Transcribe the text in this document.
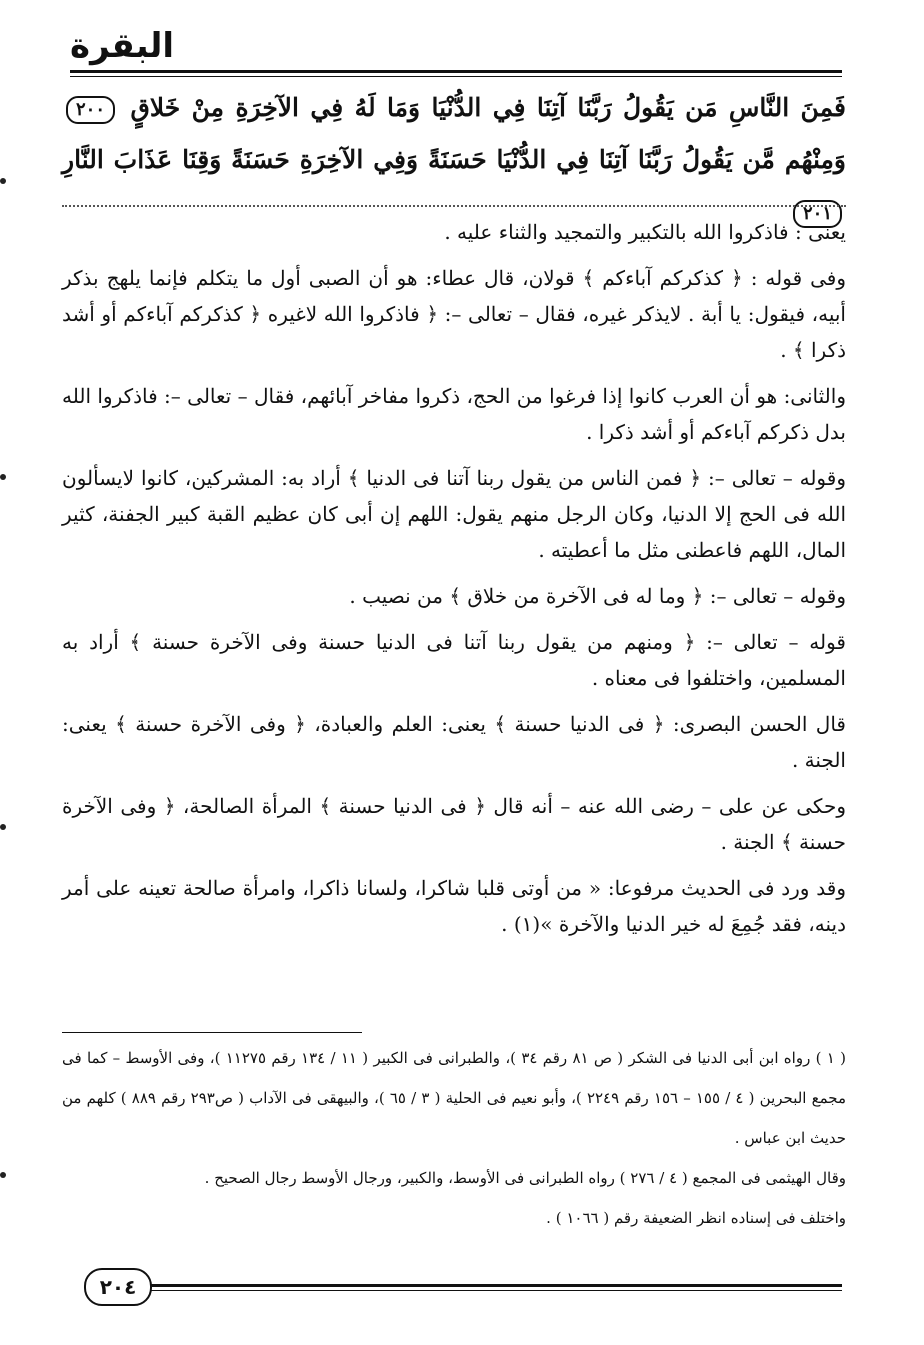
البقرة
فَمِنَ النَّاسِ مَن يَقُولُ رَبَّنَا آتِنَا فِي الدُّنْيَا وَمَا لَهُ فِي الآخِرَةِ مِنْ خَلاقٍ ٢٠٠ وَمِنْهُم مَّن يَقُولُ رَبَّنَا آتِنَا فِي الدُّنْيَا حَسَنَةً وَفِي الآخِرَةِ حَسَنَةً وَقِنَا عَذَابَ النَّارِ ٢٠١

يعنى : فاذكروا الله بالتكبير والتمجيد والثناء عليه .

وفى قوله : ﴿ كذكركم آباءكم ﴾ قولان، قال عطاء: هو أن الصبى أول ما يتكلم فإنما يلهج بذكر أبيه، فيقول: يا أبة . لايذكر غيره، فقال – تعالى –: ﴿ فاذكروا الله لاغيره ﴿ كذكركم آباءكم أو أشد ذكرا ﴾ .

والثانى: هو أن العرب كانوا إذا فرغوا من الحج، ذكروا مفاخر آبائهم، فقال – تعالى –: فاذكروا الله بدل ذكركم آباءكم أو أشد ذكرا .

وقوله – تعالى –: ﴿ فمن الناس من يقول ربنا آتنا فى الدنيا ﴾ أراد به: المشركين، كانوا لايسألون الله فى الحج إلا الدنيا، وكان الرجل منهم يقول: اللهم إن أبى كان عظيم القبة كبير الجفنة، كثير المال، اللهم فاعطنى مثل ما أعطيته .

وقوله – تعالى –: ﴿ وما له فى الآخرة من خلاق ﴾ من نصيب .

قوله – تعالى –: ﴿ ومنهم من يقول ربنا آتنا فى الدنيا حسنة وفى الآخرة حسنة ﴾ أراد به المسلمين، واختلفوا فى معناه .

قال الحسن البصرى: ﴿ فى الدنيا حسنة ﴾ يعنى: العلم والعبادة، ﴿ وفى الآخرة حسنة ﴾ يعنى: الجنة .

وحكى عن على – رضى الله عنه – أنه قال ﴿ فى الدنيا حسنة ﴾ المرأة الصالحة، ﴿ وفى الآخرة حسنة ﴾ الجنة .

وقد ورد فى الحديث مرفوعا: « من أوتى قلبا شاكرا، ولسانا ذاكرا، وامرأة صالحة تعينه على أمر دينه، فقد جُمِعَ له خير الدنيا والآخرة »(١) .

( ١ ) رواه ابن أبى الدنيا فى الشكر ( ص ٨١ رقم ٣٤ )، والطبرانى فى الكبير ( ١١ / ١٣٤ رقم ١١٢٧٥ )، وفى الأوسط – كما فى مجمع البحرين ( ٤ / ١٥٥ – ١٥٦ رقم ٢٢٤٩ )، وأبو نعيم فى الحلية ( ٣ / ٦٥ )، والبيهقى فى الآداب ( ص٢٩٣ رقم ٨٨٩ ) كلهم من حديث ابن عباس .

وقال الهيثمى فى المجمع ( ٤ / ٢٧٦ ) رواه الطبرانى فى الأوسط، والكبير، ورجال الأوسط رجال الصحيح .

واختلف فى إسناده انظر الضعيفة رقم ( ١٠٦٦ ) .

٢٠٤
